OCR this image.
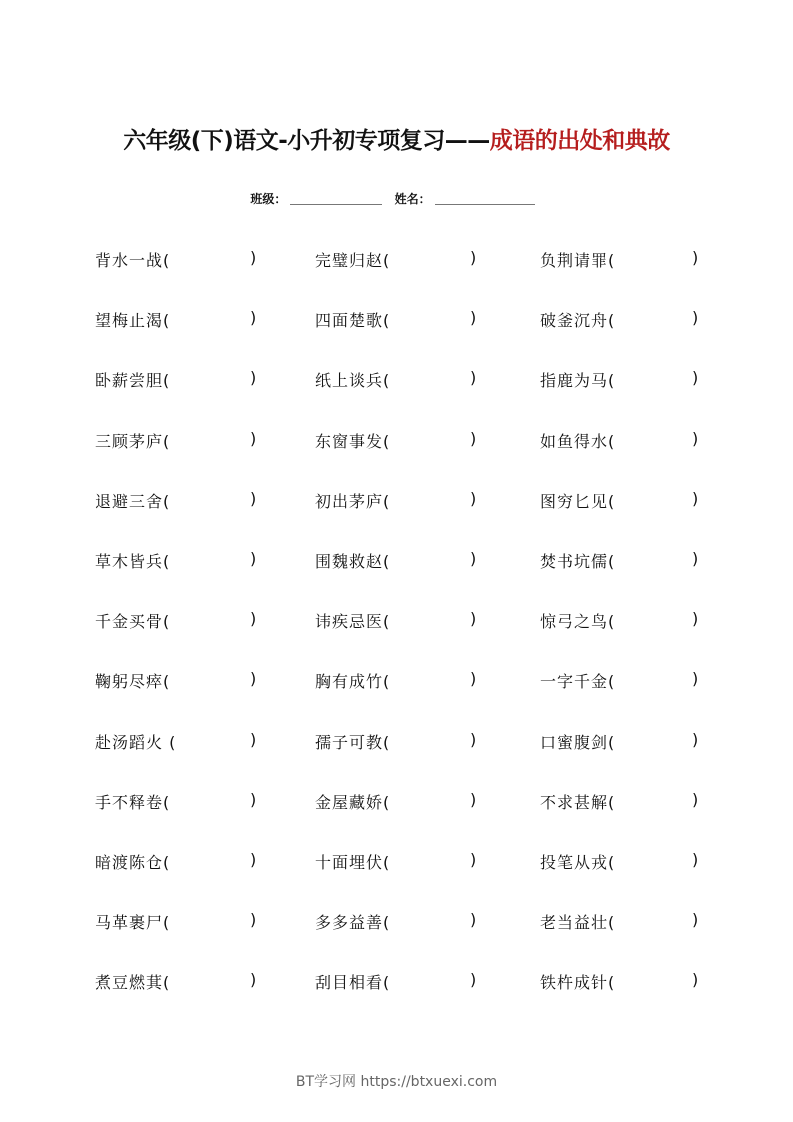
六年级(下)语文-小升初专项复习——成语的出处和典故
班级：	姓名：
背水一战(	)	完璧归赵(	)	负荆请罪(	)
望梅止渴(	)	四面楚歌(	)	破釜沉舟(	)
卧薪尝胆(	)	纸上谈兵(	)	指鹿为马(	)
三顾茅庐(	)	东窗事发(	)	如鱼得水(	)
退避三舍(	)	初出茅庐(	)	图穷匕见(	)
草木皆兵(	)	围魏救赵(	)	焚书坑儒(	)
千金买骨(	)	讳疾忌医(	)	惊弓之鸟(	)
鞠躬尽瘁(	)	胸有成竹(	)	一字千金(	)
赴汤蹈火 (	)	孺子可教(	)	口蜜腹剑(	)
手不释卷(	)	金屋藏娇(	)	不求甚解(	)
暗渡陈仓(	)	十面埋伏(	)	投笔从戎(	)
马革裹尸(	)	多多益善(	)	老当益壮(	)
煮豆燃萁(	)	刮目相看(	)	铁杵成针(	)
BT学习网 https://btxuexi.com
